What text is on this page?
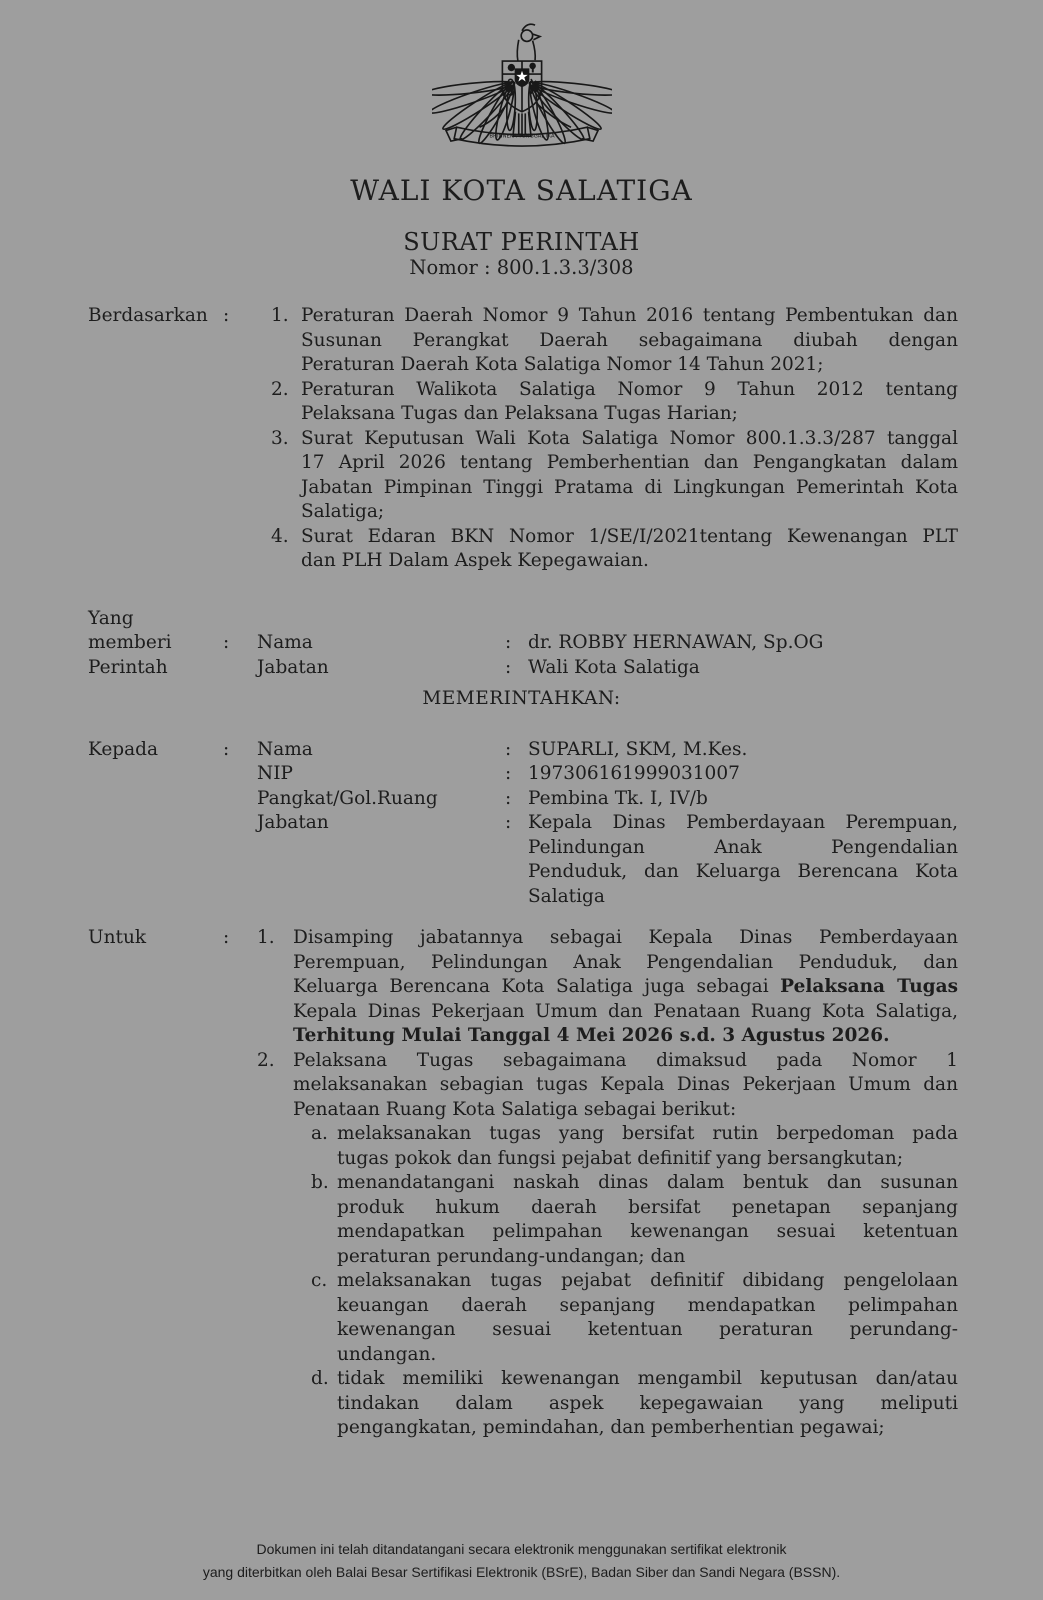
BHINNEKA TUNGGAL IKA
WALI KOTA SALATIGA
SURAT PERINTAH
Nomor : 800.1.3.3/308
Berdasarkan :	1. Peraturan Daerah Nomor 9 Tahun 2016 tentang Pembentukan dan
Susunan Perangkat Daerah sebagaimana diubah dengan
Peraturan Daerah Kota Salatiga Nomor 14 Tahun 2021;
2. Peraturan Walikota Salatiga Nomor 9 Tahun 2012 tentang
Pelaksana Tugas dan Pelaksana Tugas Harian;
3. Surat Keputusan Wali Kota Salatiga Nomor 800.1.3.3/287 tanggal
17 April 2026 tentang Pemberhentian dan Pengangkatan dalam
Jabatan Pimpinan Tinggi Pratama di Lingkungan Pemerintah Kota
Salatiga;
4. Surat Edaran BKN Nomor 1/SE/I/2021tentang Kewenangan PLT
dan PLH Dalam Aspek Kepegawaian.
Yang
memberi
Perintah
:	Nama	: dr. ROBBY HERNAWAN, Sp.OG
Jabatan	: Wali Kota Salatiga
MEMERINTAHKAN:
Kepada	:	Nama	: SUPARLI, SKM, M.Kes.
NIP	: 197306161999031007
Pangkat/Gol.Ruang	: Pembina Tk. I, IV/b
Jabatan	: Kepala Dinas Pemberdayaan Perempuan,
Pelindungan Anak Pengendalian
Penduduk, dan Keluarga Berencana Kota
Salatiga
Untuk	:	1. Disamping jabatannya sebagai Kepala Dinas Pemberdayaan
Perempuan, Pelindungan Anak Pengendalian Penduduk, dan
Keluarga Berencana Kota Salatiga juga sebagai Pelaksana Tugas
Kepala Dinas Pekerjaan Umum dan Penataan Ruang Kota Salatiga,
Terhitung Mulai Tanggal 4 Mei 2026 s.d. 3 Agustus 2026.
2. Pelaksana Tugas sebagaimana dimaksud pada Nomor 1
melaksanakan sebagian tugas Kepala Dinas Pekerjaan Umum dan
Penataan Ruang Kota Salatiga sebagai berikut:
a. melaksanakan tugas yang bersifat rutin berpedoman pada
tugas pokok dan fungsi pejabat definitif yang bersangkutan;
b. menandatangani naskah dinas dalam bentuk dan susunan
produk hukum daerah bersifat penetapan sepanjang
mendapatkan pelimpahan kewenangan sesuai ketentuan
peraturan perundang-undangan; dan
c. melaksanakan tugas pejabat definitif dibidang pengelolaan
keuangan daerah sepanjang mendapatkan pelimpahan
kewenangan sesuai ketentuan peraturan perundang-
undangan.
d. tidak memiliki kewenangan mengambil keputusan dan/atau
tindakan dalam aspek kepegawaian yang meliputi
pengangkatan, pemindahan, dan pemberhentian pegawai;
Dokumen ini telah ditandatangani secara elektronik menggunakan sertifikat elektronik
yang diterbitkan oleh Balai Besar Sertifikasi Elektronik (BSrE), Badan Siber dan Sandi Negara (BSSN).
